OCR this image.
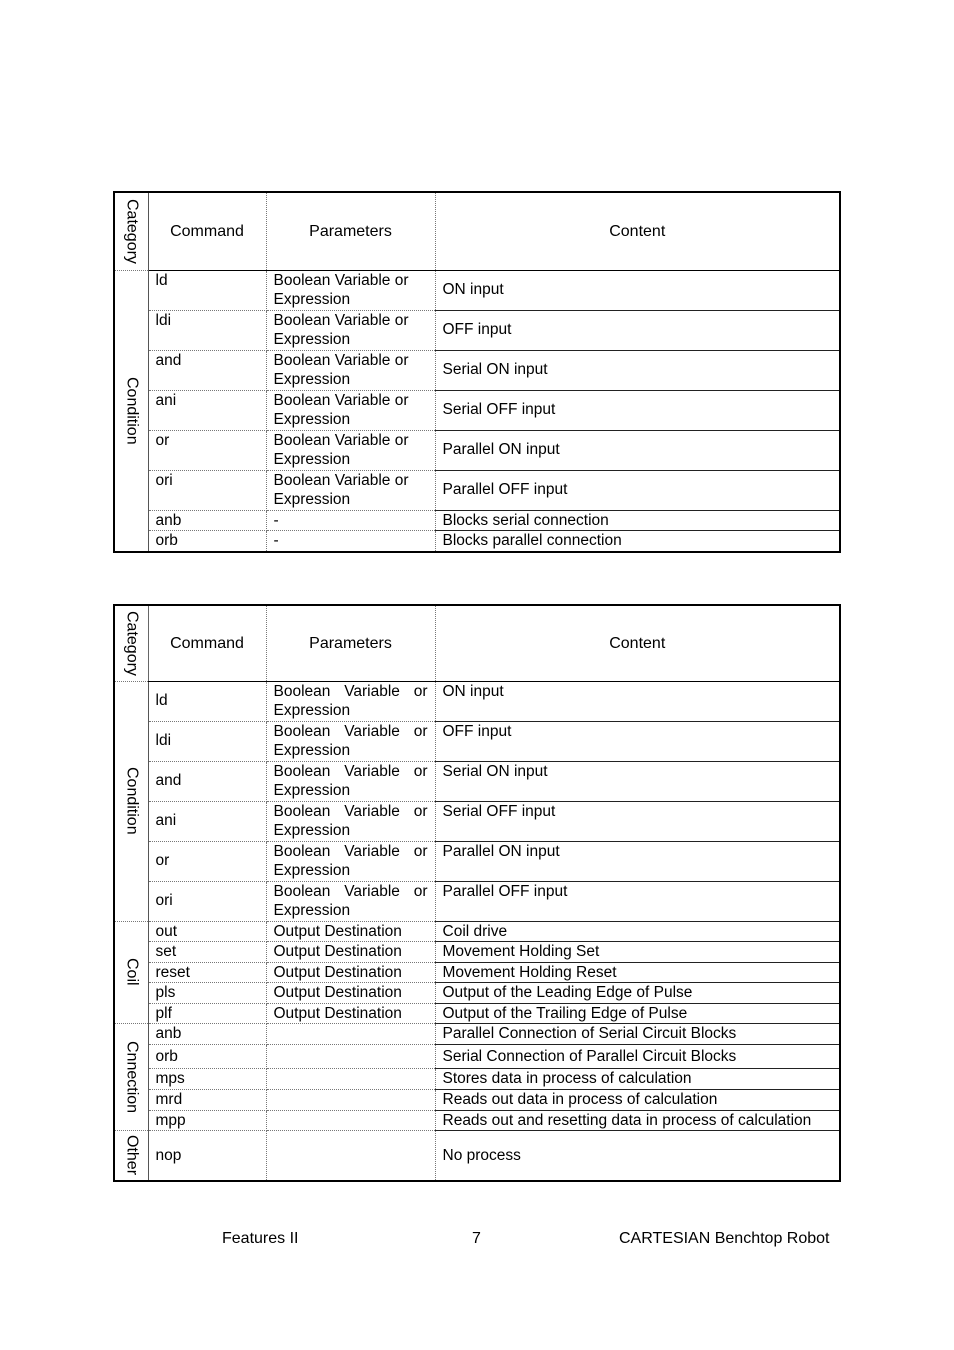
Category	Command	Parameters	Content

Condition	ld	Boolean Variable or Expression	ON input
	ldi	Boolean Variable or Expression	OFF input
	and	Boolean Variable or Expression	Serial ON input
	ani	Boolean Variable or Expression	Serial OFF input
	or	Boolean Variable or Expression	Parallel ON input
	ori	Boolean Variable or Expression	Parallel OFF input
	anb	-	Blocks serial connection
	orb	-	Blocks parallel connection
Category	Command	Parameters	Content

Condition	ld	Boolean Variable or Expression	ON input
	ldi	Boolean Variable or Expression	OFF input
	and	Boolean Variable or Expression	Serial ON input
	ani	Boolean Variable or Expression	Serial OFF input
	or	Boolean Variable or Expression	Parallel ON input
	ori	Boolean Variable or Expression	Parallel OFF input

Coil	out	Output Destination	Coil drive
	set	Output Destination	Movement Holding Set
	reset	Output Destination	Movement Holding Reset
	pls	Output Destination	Output of the Leading Edge of Pulse
	plf	Output Destination	Output of the Trailing Edge of Pulse

Cnnection	anb		Parallel Connection of Serial Circuit Blocks
	orb		Serial Connection of Parallel Circuit Blocks
	mps		Stores data in process of calculation
	mrd		Reads out data in process of calculation
	mpp		Reads out and resetting data in process of calculation

Other	nop		No process
Features II	7	CARTESIAN Benchtop Robot
